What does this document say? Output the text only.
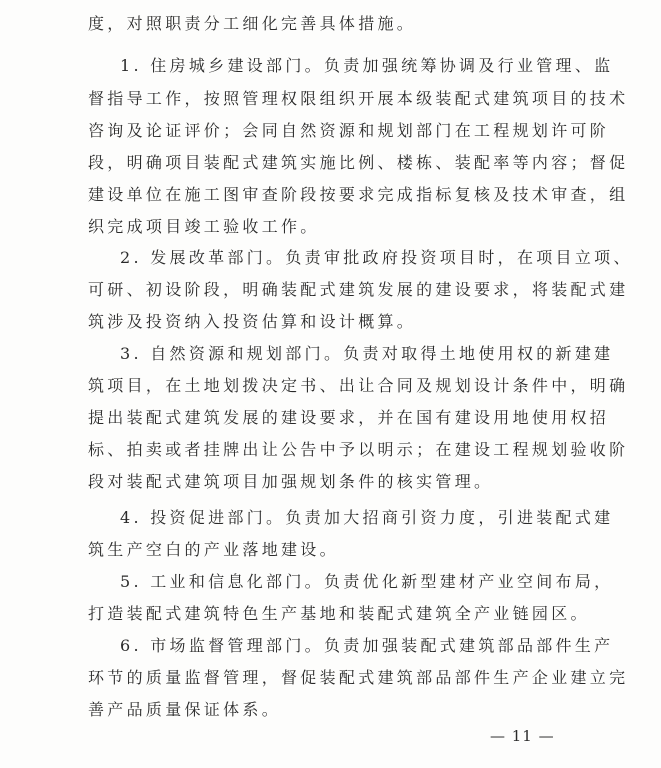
度，对照职责分工细化完善具体措施。
1. 住房城乡建设部门。负责加强统筹协调及行业管理、监
督指导工作，按照管理权限组织开展本级装配式建筑项目的技术
咨询及论证评价；会同自然资源和规划部门在工程规划许可阶
段，明确项目装配式建筑实施比例、楼栋、装配率等内容；督促
建设单位在施工图审查阶段按要求完成指标复核及技术审查，组
织完成项目竣工验收工作。
2. 发展改革部门。负责审批政府投资项目时，在项目立项、
可研、初设阶段，明确装配式建筑发展的建设要求，将装配式建
筑涉及投资纳入投资估算和设计概算。
3. 自然资源和规划部门。负责对取得土地使用权的新建建
筑项目，在土地划拨决定书、出让合同及规划设计条件中，明确
提出装配式建筑发展的建设要求，并在国有建设用地使用权招
标、拍卖或者挂牌出让公告中予以明示；在建设工程规划验收阶
段对装配式建筑项目加强规划条件的核实管理。
4. 投资促进部门。负责加大招商引资力度，引进装配式建
筑生产空白的产业落地建设。
5. 工业和信息化部门。负责优化新型建材产业空间布局，
打造装配式建筑特色生产基地和装配式建筑全产业链园区。
6. 市场监督管理部门。负责加强装配式建筑部品部件生产
环节的质量监督管理，督促装配式建筑部品部件生产企业建立完
善产品质量保证体系。
— 11 —
